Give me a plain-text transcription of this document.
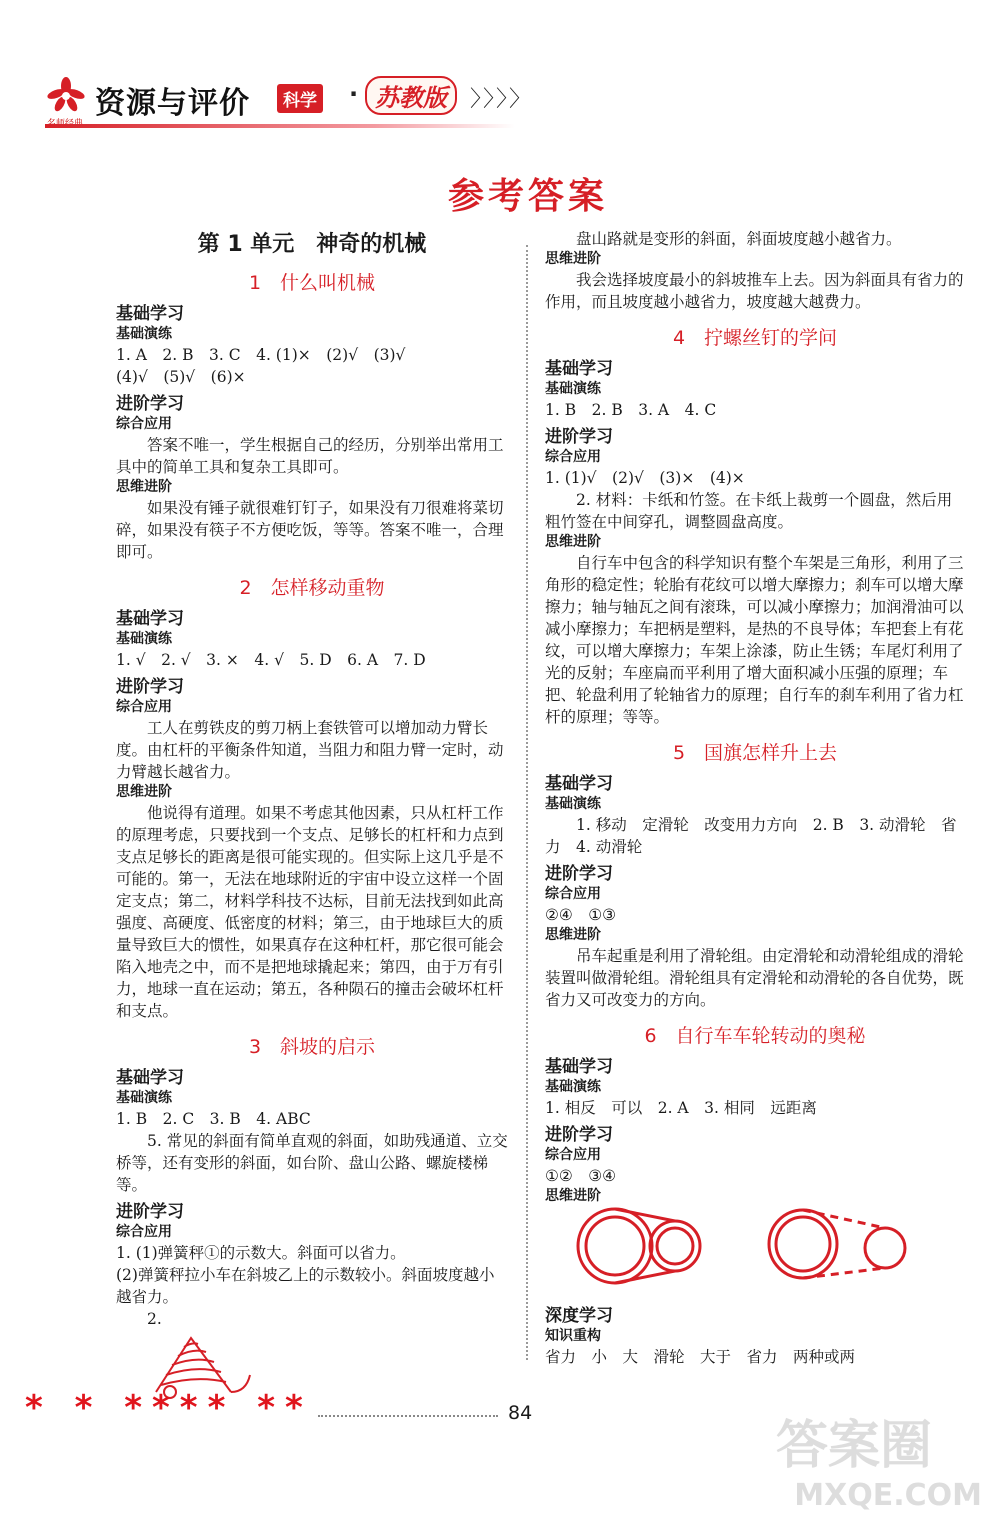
资源与评价	科学 · 苏教版	〉〉〉〉
参考答案
第 1 单元　神奇的机械
1　什么叫机械
基础学习
基础演练

1. A　2. B　3. C　4. (1)×　(2)√　(3)√

(4)√　(5)√　(6)×

进阶学习
综合应用

答案不唯一，学生根据自己的经历，分别举出常用工具中的简单工具和复杂工具即可。

思维进阶

如果没有锤子就很难钉钉子，如果没有刀很难将菜切碎，如果没有筷子不方便吃饭，等等。答案不唯一，合理即可。

2　怎样移动重物
基础学习
基础演练

1. √　2. √　3. ×　4. √　5. D　6. A　7. D

进阶学习
综合应用

工人在剪铁皮的剪刀柄上套铁管可以增加动力臂长度。由杠杆的平衡条件知道，当阻力和阻力臂一定时，动力臂越长越省力。

思维进阶

他说得有道理。如果不考虑其他因素，只从杠杆工作的原理考虑，只要找到一个支点、足够长的杠杆和力点到支点足够长的距离是很可能实现的。但实际上这几乎是不可能的。第一，无法在地球附近的宇宙中设立这样一个固定支点；第二，材料学科技不达标，目前无法找到如此高强度、高硬度、低密度的材料；第三，由于地球巨大的质量导致巨大的惯性，如果真存在这种杠杆，那它很可能会陷入地壳之中，而不是把地球撬起来；第四，由于万有引力，地球一直在运动；第五，各种陨石的撞击会破坏杠杆和支点。

3　斜坡的启示
基础学习
基础演练

1. B　2. C　3. B　4. ABC

5. 常见的斜面有简单直观的斜面，如助残通道、立交桥等，还有变形的斜面，如台阶、盘山公路、螺旋楼梯等。

进阶学习
综合应用

1. (1)弹簧秤①的示数大。斜面可以省力。

(2)弹簧秤拉小车在斜坡乙上的示数较小。斜面坡度越小越省力。

2.

盘山路就是变形的斜面，斜面坡度越小越省力。

思维进阶

我会选择坡度最小的斜坡推车上去。因为斜面具有省力的作用，而且坡度越小越省力，坡度越大越费力。

4　拧螺丝钉的学问
基础学习
基础演练

1. B　2. B　3. A　4. C

进阶学习
综合应用

1. (1)√　(2)√　(3)×　(4)×

2. 材料：卡纸和竹签。在卡纸上裁剪一个圆盘，然后用粗竹签在中间穿孔，调整圆盘高度。

思维进阶

自行车中包含的科学知识有整个车架是三角形，利用了三角形的稳定性；轮胎有花纹可以增大摩擦力；刹车可以增大摩擦力；轴与轴瓦之间有滚珠，可以减小摩擦力；加润滑油可以减小摩擦力；车把柄是塑料，是热的不良导体；车把套上有花纹，可以增大摩擦力；车架上涂漆，防止生锈；车尾灯利用了光的反射；车座扁而平利用了增大面积减小压强的原理；车把、轮盘利用了轮轴省力的原理；自行车的刹车利用了省力杠杆的原理；等等。

5　国旗怎样升上去
基础学习
基础演练

1. 移动　定滑轮　改变用力方向　2. B　3. 动滑轮　省力　4. 动滑轮

进阶学习
综合应用

②④　①③

思维进阶

吊车起重是利用了滑轮组。由定滑轮和动滑轮组成的滑轮装置叫做滑轮组。滑轮组具有定滑轮和动滑轮的各自优势，既省力又可改变力的方向。

6　自行车车轮转动的奥秘
基础学习
基础演练

1. 相反　可以　2. A　3. 相同　远距离

进阶学习
综合应用

①②　③④

思维进阶
深度学习
知识重构

省力　小　大　滑轮　大于　省力　两种或两

* * **** **	84
答案圈
MXQE.COM
